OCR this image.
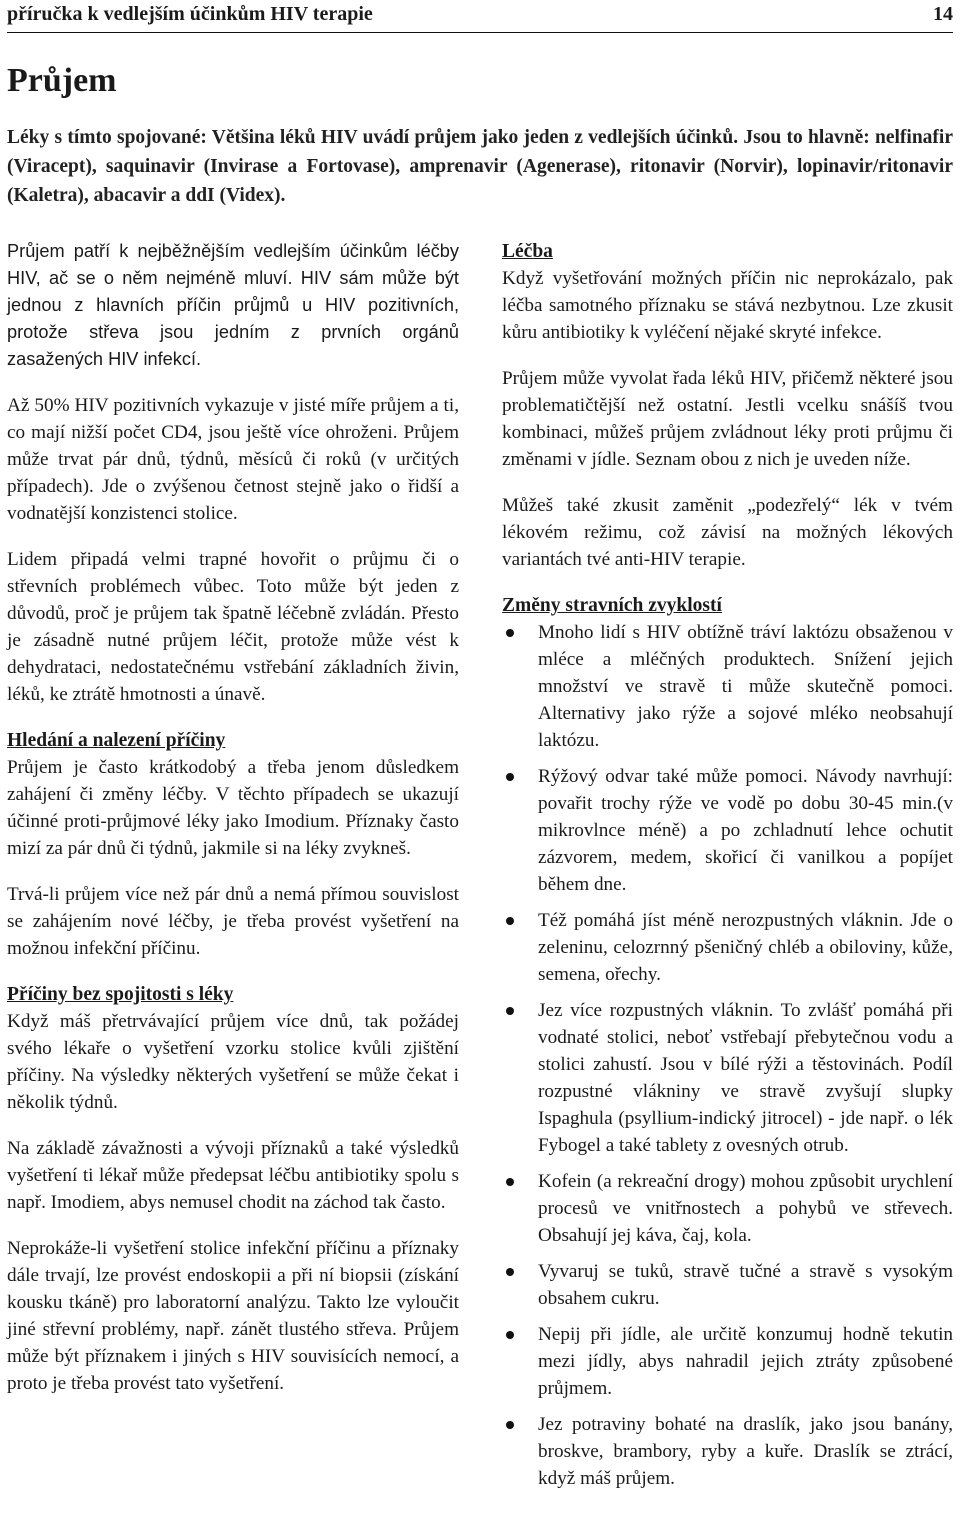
příručka k vedlejším účinkům HIV terapie	14
Průjem

Léky s tímto spojované: Většina léků HIV uvádí průjem jako jeden z vedlejších účinků. Jsou to hlavně: nelfinafir (Viracept), saquinavir (Invirase a Fortovase), amprenavir (Agenerase), ritonavir (Norvir), lopinavir/ritonavir (Kaletra), abacavir a ddI (Videx).

Průjem patří k nejběžnějším vedlejším účinkům léčby HIV, ač se o něm nejméně mluví. HIV sám může být jednou z hlavních příčin průjmů u HIV pozitivních, protože střeva jsou jedním z prvních orgánů zasažených HIV infekcí.

Až 50% HIV pozitivních vykazuje v jisté míře průjem a ti, co mají nižší počet CD4, jsou ještě více ohroženi. Průjem může trvat pár dnů, týdnů, měsíců či roků (v určitých případech). Jde o zvýšenou četnost stejně jako o řidší a vodnatější konzistenci stolice.

Lidem připadá velmi trapné hovořit o průjmu či o střevních problémech vůbec. Toto může být jeden z důvodů, proč je průjem tak špatně léčebně zvládán. Přesto je zásadně nutné průjem léčit, protože může vést k dehydrataci, nedostatečnému vstřebání základních živin, léků, ke ztrátě hmotnosti a únavě.

Hledání a nalezení příčiny

Průjem je často krátkodobý a třeba jenom důsledkem zahájení či změny léčby. V těchto případech se ukazují účinné proti-průjmové léky jako Imodium. Příznaky často mizí za pár dnů či týdnů, jakmile si na léky zvykneš.

Trvá-li průjem více než pár dnů a nemá přímou souvislost se zahájením nové léčby, je třeba provést vyšetření na možnou infekční příčinu.

Příčiny bez spojitosti s léky

Když máš přetrvávající průjem více dnů, tak požádej svého lékaře o vyšetření vzorku stolice kvůli zjištění příčiny. Na výsledky některých vyšetření se může čekat i několik týdnů.

Na základě závažnosti a vývoji příznaků a také výsledků vyšetření ti lékař může předepsat léčbu antibiotiky spolu s např. Imodiem, abys nemusel chodit na záchod tak často.

Neprokáže-li vyšetření stolice infekční příčinu a příznaky dále trvají, lze provést endoskopii a při ní biopsii (získání kousku tkáně) pro laboratorní analýzu. Takto lze vyloučit jiné střevní problémy, např. zánět tlustého střeva. Průjem může být příznakem i jiných s HIV souvisících nemocí, a proto je třeba provést tato vyšetření.

Léčba

Když vyšetřování možných příčin nic neprokázalo, pak léčba samotného příznaku se stává nezbytnou. Lze zkusit kůru antibiotiky k vyléčení nějaké skryté infekce.

Průjem může vyvolat řada léků HIV, přičemž některé jsou problematičtější než ostatní. Jestli vcelku snášíš tvou kombinaci, můžeš průjem zvládnout léky proti průjmu či změnami v jídle. Seznam obou z nich je uveden níže.

Můžeš také zkusit zaměnit „podezřelý“ lék v tvém lékovém režimu, což závisí na možných lékových variantách tvé anti-HIV terapie.

Změny stravních zvyklostí
Mnoho lidí s HIV obtížně tráví laktózu obsaženou v mléce a mléčných produktech. Snížení jejich množství ve stravě ti může skutečně pomoci. Alternativy jako rýže a sojové mléko neobsahují laktózu.
Rýžový odvar také může pomoci. Návody navrhují: povařit trochy rýže ve vodě po dobu 30-45 min.(v mikrovlnce méně) a po zchladnutí lehce ochutit zázvorem, medem, skořicí či vanilkou a popíjet během dne.
Též pomáhá jíst méně nerozpustných vláknin. Jde o zeleninu, celozrnný pšeničný chléb a obiloviny, kůže, semena, ořechy.
Jez více rozpustných vláknin. To zvlášť pomáhá při vodnaté stolici, neboť vstřebají přebytečnou vodu a stolici zahustí. Jsou v bílé rýži a těstovinách. Podíl rozpustné vlákniny ve stravě zvyšují slupky Ispaghula (psyllium-indický jitrocel) - jde např. o lék Fybogel a také tablety z ovesných otrub.
Kofein (a rekreační drogy) mohou způsobit urychlení procesů ve vnitřnostech a pohybů ve střevech. Obsahují jej káva, čaj, kola.
Vyvaruj se tuků, stravě tučné a stravě s vysokým obsahem cukru.
Nepij při jídle, ale určitě konzumuj hodně tekutin mezi jídly, abys nahradil jejich ztráty způsobené průjmem.
Jez potraviny bohaté na draslík, jako jsou banány, broskve, brambory, ryby a kuře. Draslík se ztrácí, když máš průjem.
